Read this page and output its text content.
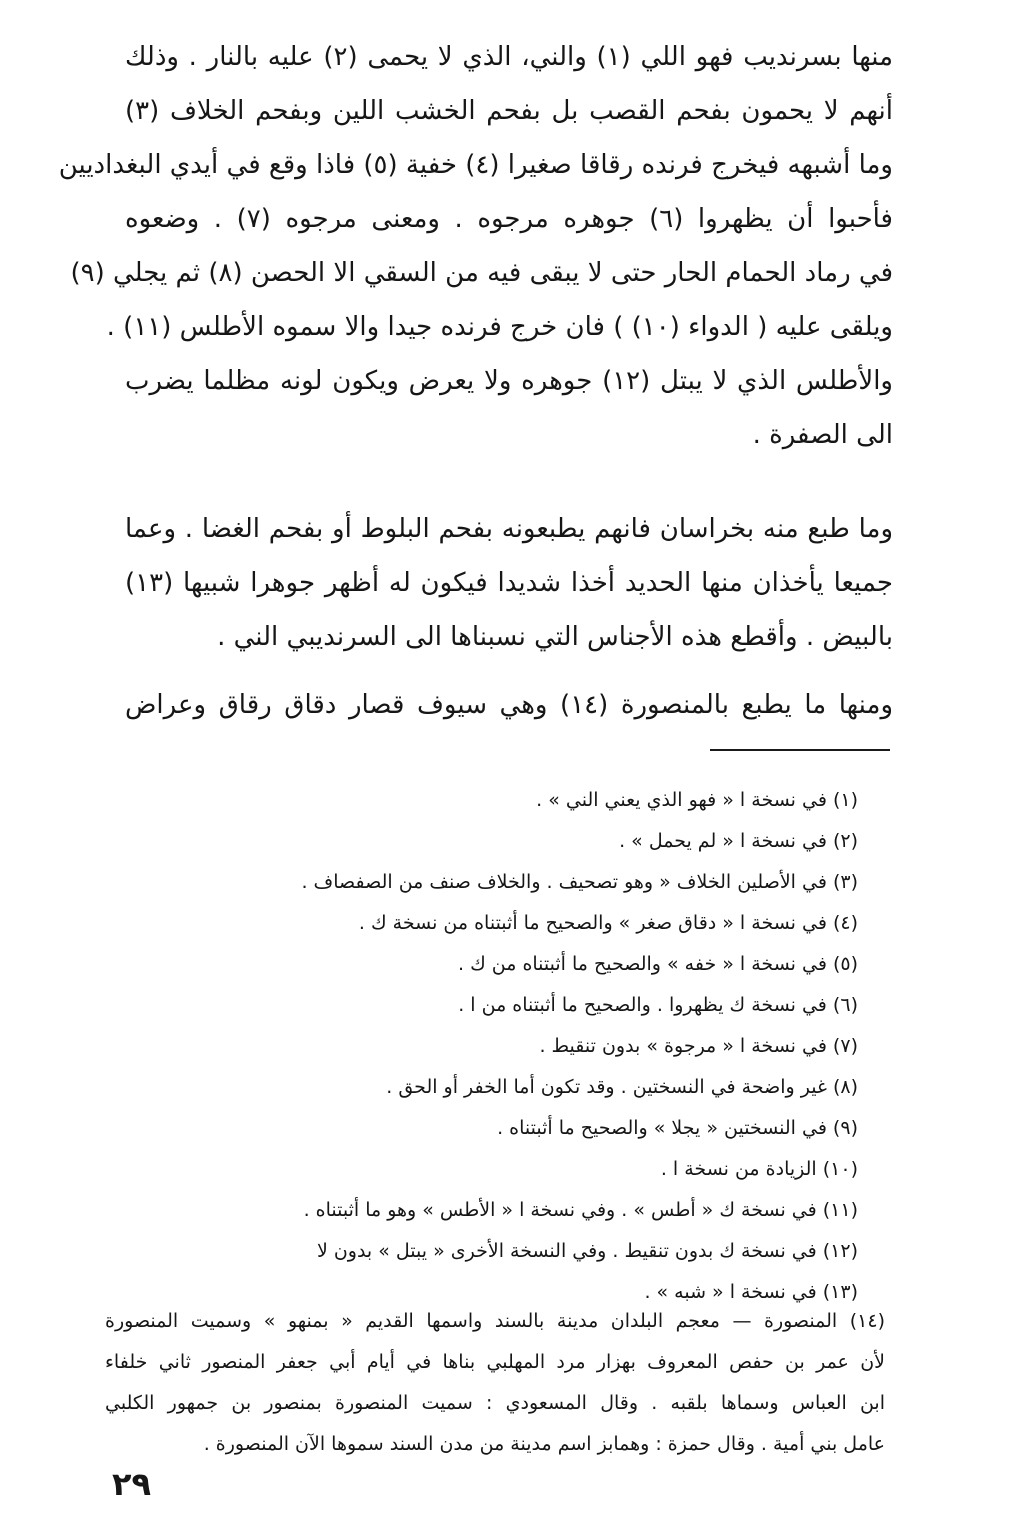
منها بسرنديب فهو اللي (١) والني، الذي لا يحمى (٢) عليه بالنار . وذلك
أنهم لا يحمون بفحم القصب بل بفحم الخشب اللين وبفحم الخلاف (٣)
وما أشبهه فيخرج فرنده رقاقا صغيرا (٤) خفية (٥) فاذا وقع في أيدي البغداديين
فأحبوا أن يظهروا (٦) جوهره مرجوه . ومعنى مرجوه (٧) . وضعوه
في رماد الحمام الحار حتى لا يبقى فيه من السقي الا الحصن (٨) ثم يجلي (٩)
ويلقى عليه ( الدواء (١٠) ) فان خرج فرنده جيدا والا سموه الأطلس (١١) .
والأطلس الذي لا يبتل (١٢) جوهره ولا يعرض ويكون لونه مظلما يضرب
الى الصفرة .
وما طبع منه بخراسان فانهم يطبعونه بفحم البلوط أو بفحم الغضا . وعما
جميعا يأخذان منها الحديد أخذا شديدا فيكون له أظهر جوهرا شبيها (١٣)
بالبيض . وأقطع هذه الأجناس التي نسبناها الى السرنديبي الني .
ومنها ما يطبع بالمنصورة (١٤) وهي سيوف قصار دقاق رقاق وعراض
(١) في نسخة ا « فهو الذي يعني الني » .
(٢) في نسخة ا « لم يحمل » .
(٣) في الأصلين الخلاف « وهو تصحيف . والخلاف صنف من الصفصاف .
(٤) في نسخة ا « دقاق صغر » والصحيح ما أثبتناه من نسخة ك .
(٥) في نسخة ا « خفه » والصحيح ما أثبتناه من ك .
(٦) في نسخة ك يظهروا . والصحيح ما أثبتناه من ا .
(٧) في نسخة ا « مرجوة » بدون تنقيط .
(٨) غير واضحة في النسختين . وقد تكون أما الخفر أو الحق .
(٩) في النسختين « يجلا » والصحيح ما أثبتناه .
(١٠) الزيادة من نسخة ا .
(١١) في نسخة ك « أطس » . وفي نسخة ا « الأطس » وهو ما أثبتناه .
(١٢) في نسخة ك بدون تنقيط . وفي النسخة الأخرى « يبتل » بدون لا
(١٣) في نسخة ا « شبه » .
(١٤) المنصورة — معجم البلدان مدينة بالسند واسمها القديم « بمنهو » وسميت المنصورة
لأن عمر بن حفص المعروف بهزار مرد المهلبي بناها في أيام أبي جعفر المنصور ثاني خلفاء
ابن العباس وسماها بلقبه . وقال المسعودي : سميت المنصورة بمنصور بن جمهور الكلبي
عامل بني أمية . وقال حمزة : وهمابز اسم مدينة من مدن السند سموها الآن المنصورة .
٢٩
